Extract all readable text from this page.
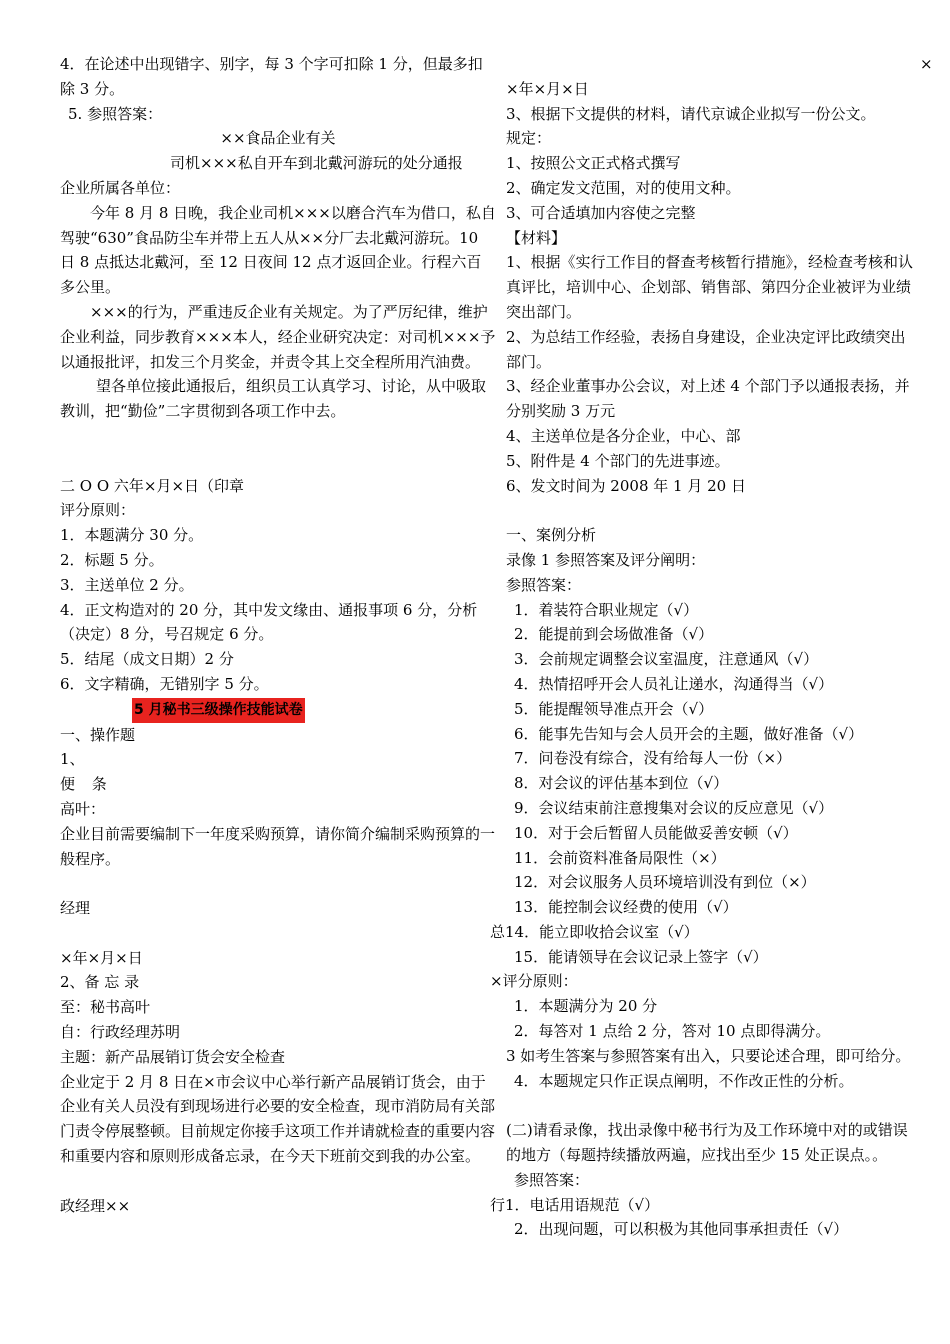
4．在论述中出现错字、别字，每 3 个字可扣除 1 分，但最多扣除 3 分。

5. 参照答案：

××食品企业有关

司机×××私自开车到北戴河游玩的处分通报

企业所属各单位：

今年 8 月 8 日晚，我企业司机×××以磨合汽车为借口，私自驾驶“630”食品防尘车并带上五人从××分厂去北戴河游玩。10 日 8 点抵达北戴河，至 12 日夜间 12 点才返回企业。行程六百多公里。

×××的行为，严重违反企业有关规定。为了严厉纪律，维护企业利益，同步教育×××本人，经企业研究决定：对司机×××予以通报批评，扣发三个月奖金，并责令其上交全程所用汽油费。

望各单位接此通报后，组织员工认真学习、讨论，从中吸取教训，把“勤俭”二字贯彻到各项工作中去。

二 O O 六年×月×日（印章

评分原则：

1．本题满分 30 分。

2．标题 5 分。

3．主送单位 2 分。

4．正文构造对的 20 分，其中发文缘由、通报事项 6 分，分析（决定）8 分，号召规定 6 分。

5．结尾（成文日期）2 分

6．文字精确，无错别字 5 分。

5 月秘书三级操作技能试卷

一、操作题

1、

便 条

高叶：

企业目前需要编制下一年度采购预算，请你简介编制采购预算的一般程序。

经理

×年×月×日

2、备 忘 录

至：秘书高叶

自：行政经理苏明

主题：新产品展销订货会安全检查

企业定于 2 月 8 日在×市会议中心举行新产品展销订货会，由于企业有关人员没有到现场进行必要的安全检查，现市消防局有关部门责令停展整顿。目前规定你接手这项工作并请就检查的重要内容和重要内容和原则形成备忘录，在今天下班前交到我的办公室。

政经理××

×

×年×月×日

3、根据下文提供的材料，请代京诚企业拟写一份公文。

规定：

1、按照公文正式格式撰写

2、确定发文范围，对的使用文种。

3、可合适填加内容使之完整

【材料】

1、根据《实行工作目的督查考核暂行措施》，经检查考核和认真评比，培训中心、企划部、销售部、第四分企业被评为业绩突出部门。

2、为总结工作经验，表扬自身建设，企业决定评比政绩突出部门。

3、经企业董事办公会议，对上述 4 个部门予以通报表扬，并分别奖励 3 万元

4、主送单位是各分企业，中心、部

5、附件是 4 个部门的先进事迹。

6、发文时间为 2008 年 1 月 20 日

一、案例分析

录像 1 参照答案及评分阐明：

参照答案：

1．着装符合职业规定（√）

2．能提前到会场做准备（√）

3．会前规定调整会议室温度，注意通风（√）

4．热情招呼开会人员礼让递水，沟通得当（√）

5．能提醒领导准点开会（√）

6．能事先告知与会人员开会的主题，做好准备（√）

7．问卷没有综合，没有给每人一份（×）

8．对会议的评估基本到位（√）

9．会议结束前注意搜集对会议的反应意见（√）

10．对于会后暂留人员能做妥善安顿（√）

11．会前资料准备局限性（×）

12．对会议服务人员环境培训没有到位（×）

13．能控制会议经费的使用（√）

总14．能立即收拾会议室（√）

15．能请领导在会议记录上签字（√）

×评分原则：

1．本题满分为 20 分

2．每答对 1 点给 2 分，答对 10 点即得满分。

3 如考生答案与参照答案有出入，只要论述合理，即可给分。

4．本题规定只作正误点阐明，不作改正性的分析。

(二)请看录像，找出录像中秘书行为及工作环境中对的或错误的地方（每题持续播放两遍，应找出至少 15 处正误点。。

参照答案：

行1．电话用语规范（√）

2．出现问题，可以积极为其他同事承担责任（√）
